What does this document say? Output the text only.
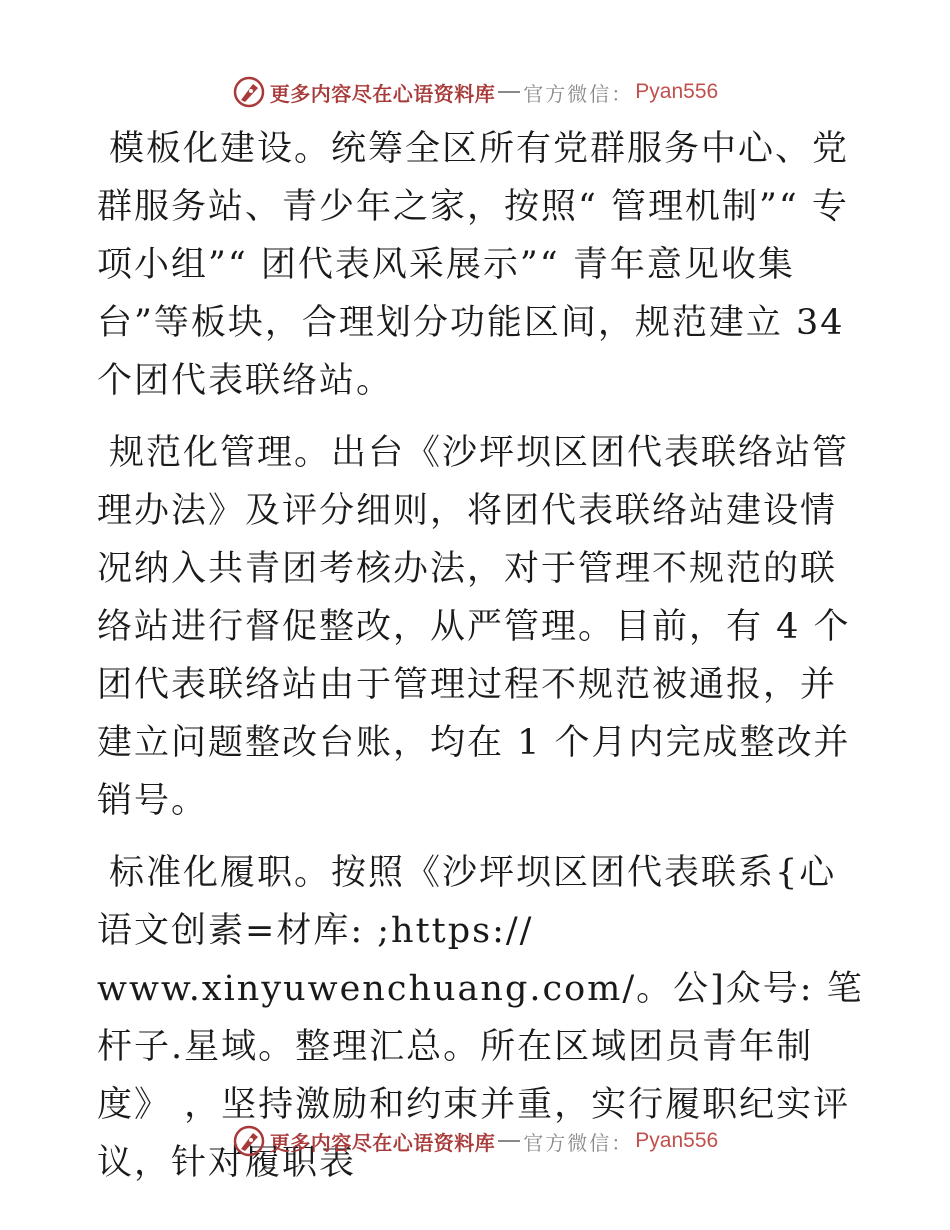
更多内容尽在心语资料库 官方微信： Pyan556

模板化建设。统筹全区所有党群服务中心、党群服务站、青少年之家，按照“ 管理机制”“ 专项小组”“ 团代表风采展示”“ 青年意见收集台”等板块，合理划分功能区间，规范建立 34 个团代表联络站。

规范化管理。出台《沙坪坝区团代表联络站管理办法》及评分细则，将团代表联络站建设情况纳入共青团考核办法，对于管理不规范的联络站进行督促整改，从严管理。目前，有 4 个团代表联络站由于管理过程不规范被通报，并建立问题整改台账，均在 1 个月内完成整改并销号。

标准化履职。按照《沙坪坝区团代表联系{心语文创素=材库: ;https://

www.xinyuwenchuang.com/。公]众号: 笔杆子.星域。整理汇总。所在区域团员青年制度》 ，坚持激励和约束并重，实行履职纪实评议，针对履职表

更多内容尽在心语资料库 官方微信： Pyan556
